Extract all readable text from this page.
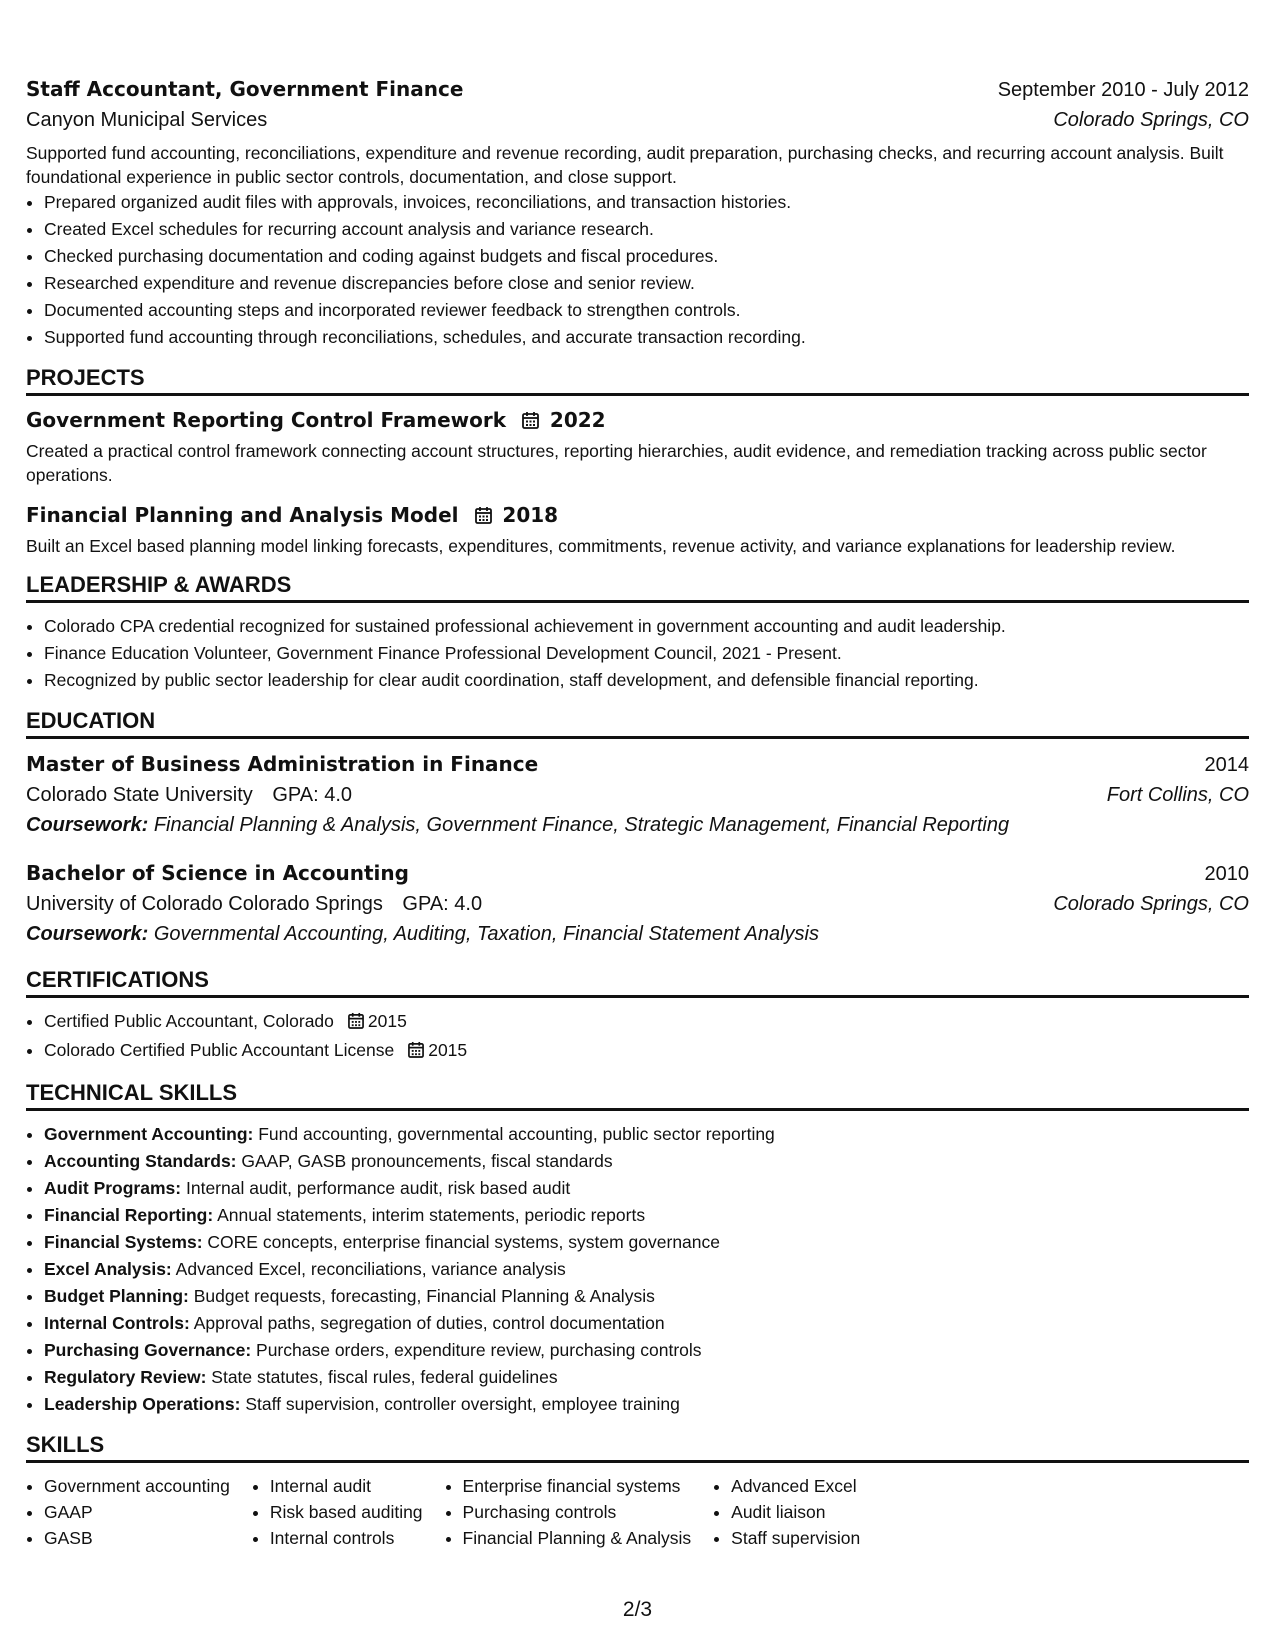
Staff Accountant, Government Finance	September 2010 - July 2012
Canyon Municipal Services	Colorado Springs, CO

Supported fund accounting, reconciliations, expenditure and revenue recording, audit preparation, purchasing checks, and recurring account analysis. Built foundational experience in public sector controls, documentation, and close support.

• Prepared organized audit files with approvals, invoices, reconciliations, and transaction histories.
• Created Excel schedules for recurring account analysis and variance research.
• Checked purchasing documentation and coding against budgets and fiscal procedures.
• Researched expenditure and revenue discrepancies before close and senior review.
• Documented accounting steps and incorporated reviewer feedback to strengthen controls.
• Supported fund accounting through reconciliations, schedules, and accurate transaction recording.
PROJECTS
Government Reporting Control Framework 2022

Created a practical control framework connecting account structures, reporting hierarchies, audit evidence, and remediation tracking across public sector operations.

Financial Planning and Analysis Model 2018

Built an Excel based planning model linking forecasts, expenditures, commitments, revenue activity, and variance explanations for leadership review.

LEADERSHIP & AWARDS
• Colorado CPA credential recognized for sustained professional achievement in government accounting and audit leadership.
• Finance Education Volunteer, Government Finance Professional Development Council, 2021 - Present.
• Recognized by public sector leadership for clear audit coordination, staff development, and defensible financial reporting.
EDUCATION
Master of Business Administration in Finance	2014
Colorado State University GPA: 4.0	Fort Collins, CO
Coursework: Financial Planning & Analysis, Government Finance, Strategic Management, Financial Reporting
Bachelor of Science in Accounting	2010
University of Colorado Colorado Springs GPA: 4.0	Colorado Springs, CO
Coursework: Governmental Accounting, Auditing, Taxation, Financial Statement Analysis
CERTIFICATIONS
• Certified Public Accountant, Colorado 2015
• Colorado Certified Public Accountant License 2015
TECHNICAL SKILLS
• Government Accounting: Fund accounting, governmental accounting, public sector reporting
• Accounting Standards: GAAP, GASB pronouncements, fiscal standards
• Audit Programs: Internal audit, performance audit, risk based audit
• Financial Reporting: Annual statements, interim statements, periodic reports
• Financial Systems: CORE concepts, enterprise financial systems, system governance
• Excel Analysis: Advanced Excel, reconciliations, variance analysis
• Budget Planning: Budget requests, forecasting, Financial Planning & Analysis
• Internal Controls: Approval paths, segregation of duties, control documentation
• Purchasing Governance: Purchase orders, expenditure review, purchasing controls
• Regulatory Review: State statutes, fiscal rules, federal guidelines
• Leadership Operations: Staff supervision, controller oversight, employee training
SKILLS
• Government accounting
• GAAP
• GASB
• Internal audit
• Risk based auditing
• Internal controls
• Enterprise financial systems
• Purchasing controls
• Financial Planning & Analysis
• Advanced Excel
• Audit liaison
• Staff supervision
2/3
